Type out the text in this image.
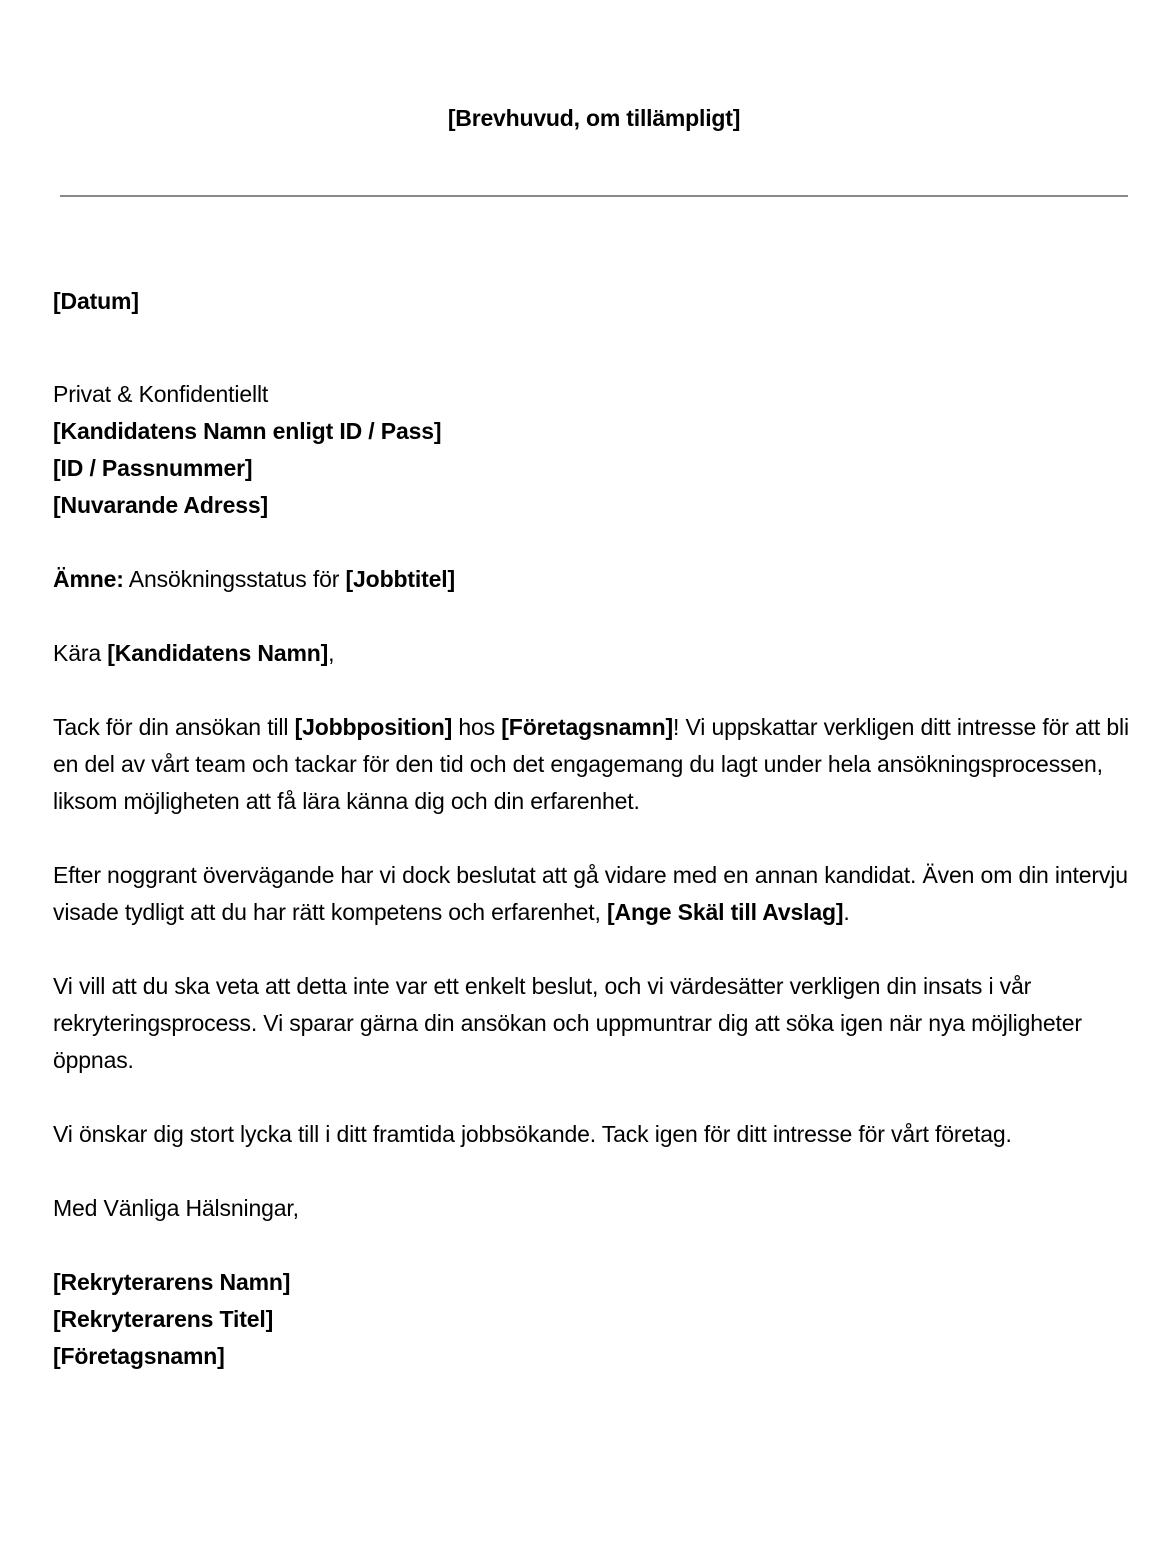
[Brevhuvud, om tillämpligt]

[Datum]

Privat & Konfidentiellt

[Kandidatens Namn enligt ID / Pass]

[ID / Passnummer]

[Nuvarande Adress]

Ämne: Ansökningsstatus för [Jobbtitel]

Kära [Kandidatens Namn],

Tack för din ansökan till [Jobbposition] hos [Företagsnamn]! Vi uppskattar verkligen ditt intresse för att bli en del av vårt team och tackar för den tid och det engagemang du lagt under hela ansökningsprocessen, liksom möjligheten att få lära känna dig och din erfarenhet.

Efter noggrant övervägande har vi dock beslutat att gå vidare med en annan kandidat. Även om din intervju visade tydligt att du har rätt kompetens och erfarenhet, [Ange Skäl till Avslag].

Vi vill att du ska veta att detta inte var ett enkelt beslut, och vi värdesätter verkligen din insats i vår rekryteringsprocess. Vi sparar gärna din ansökan och uppmuntrar dig att söka igen när nya möjligheter öppnas.

Vi önskar dig stort lycka till i ditt framtida jobbsökande. Tack igen för ditt intresse för vårt företag.

Med Vänliga Hälsningar,

[Rekryterarens Namn]

[Rekryterarens Titel]

[Företagsnamn]
